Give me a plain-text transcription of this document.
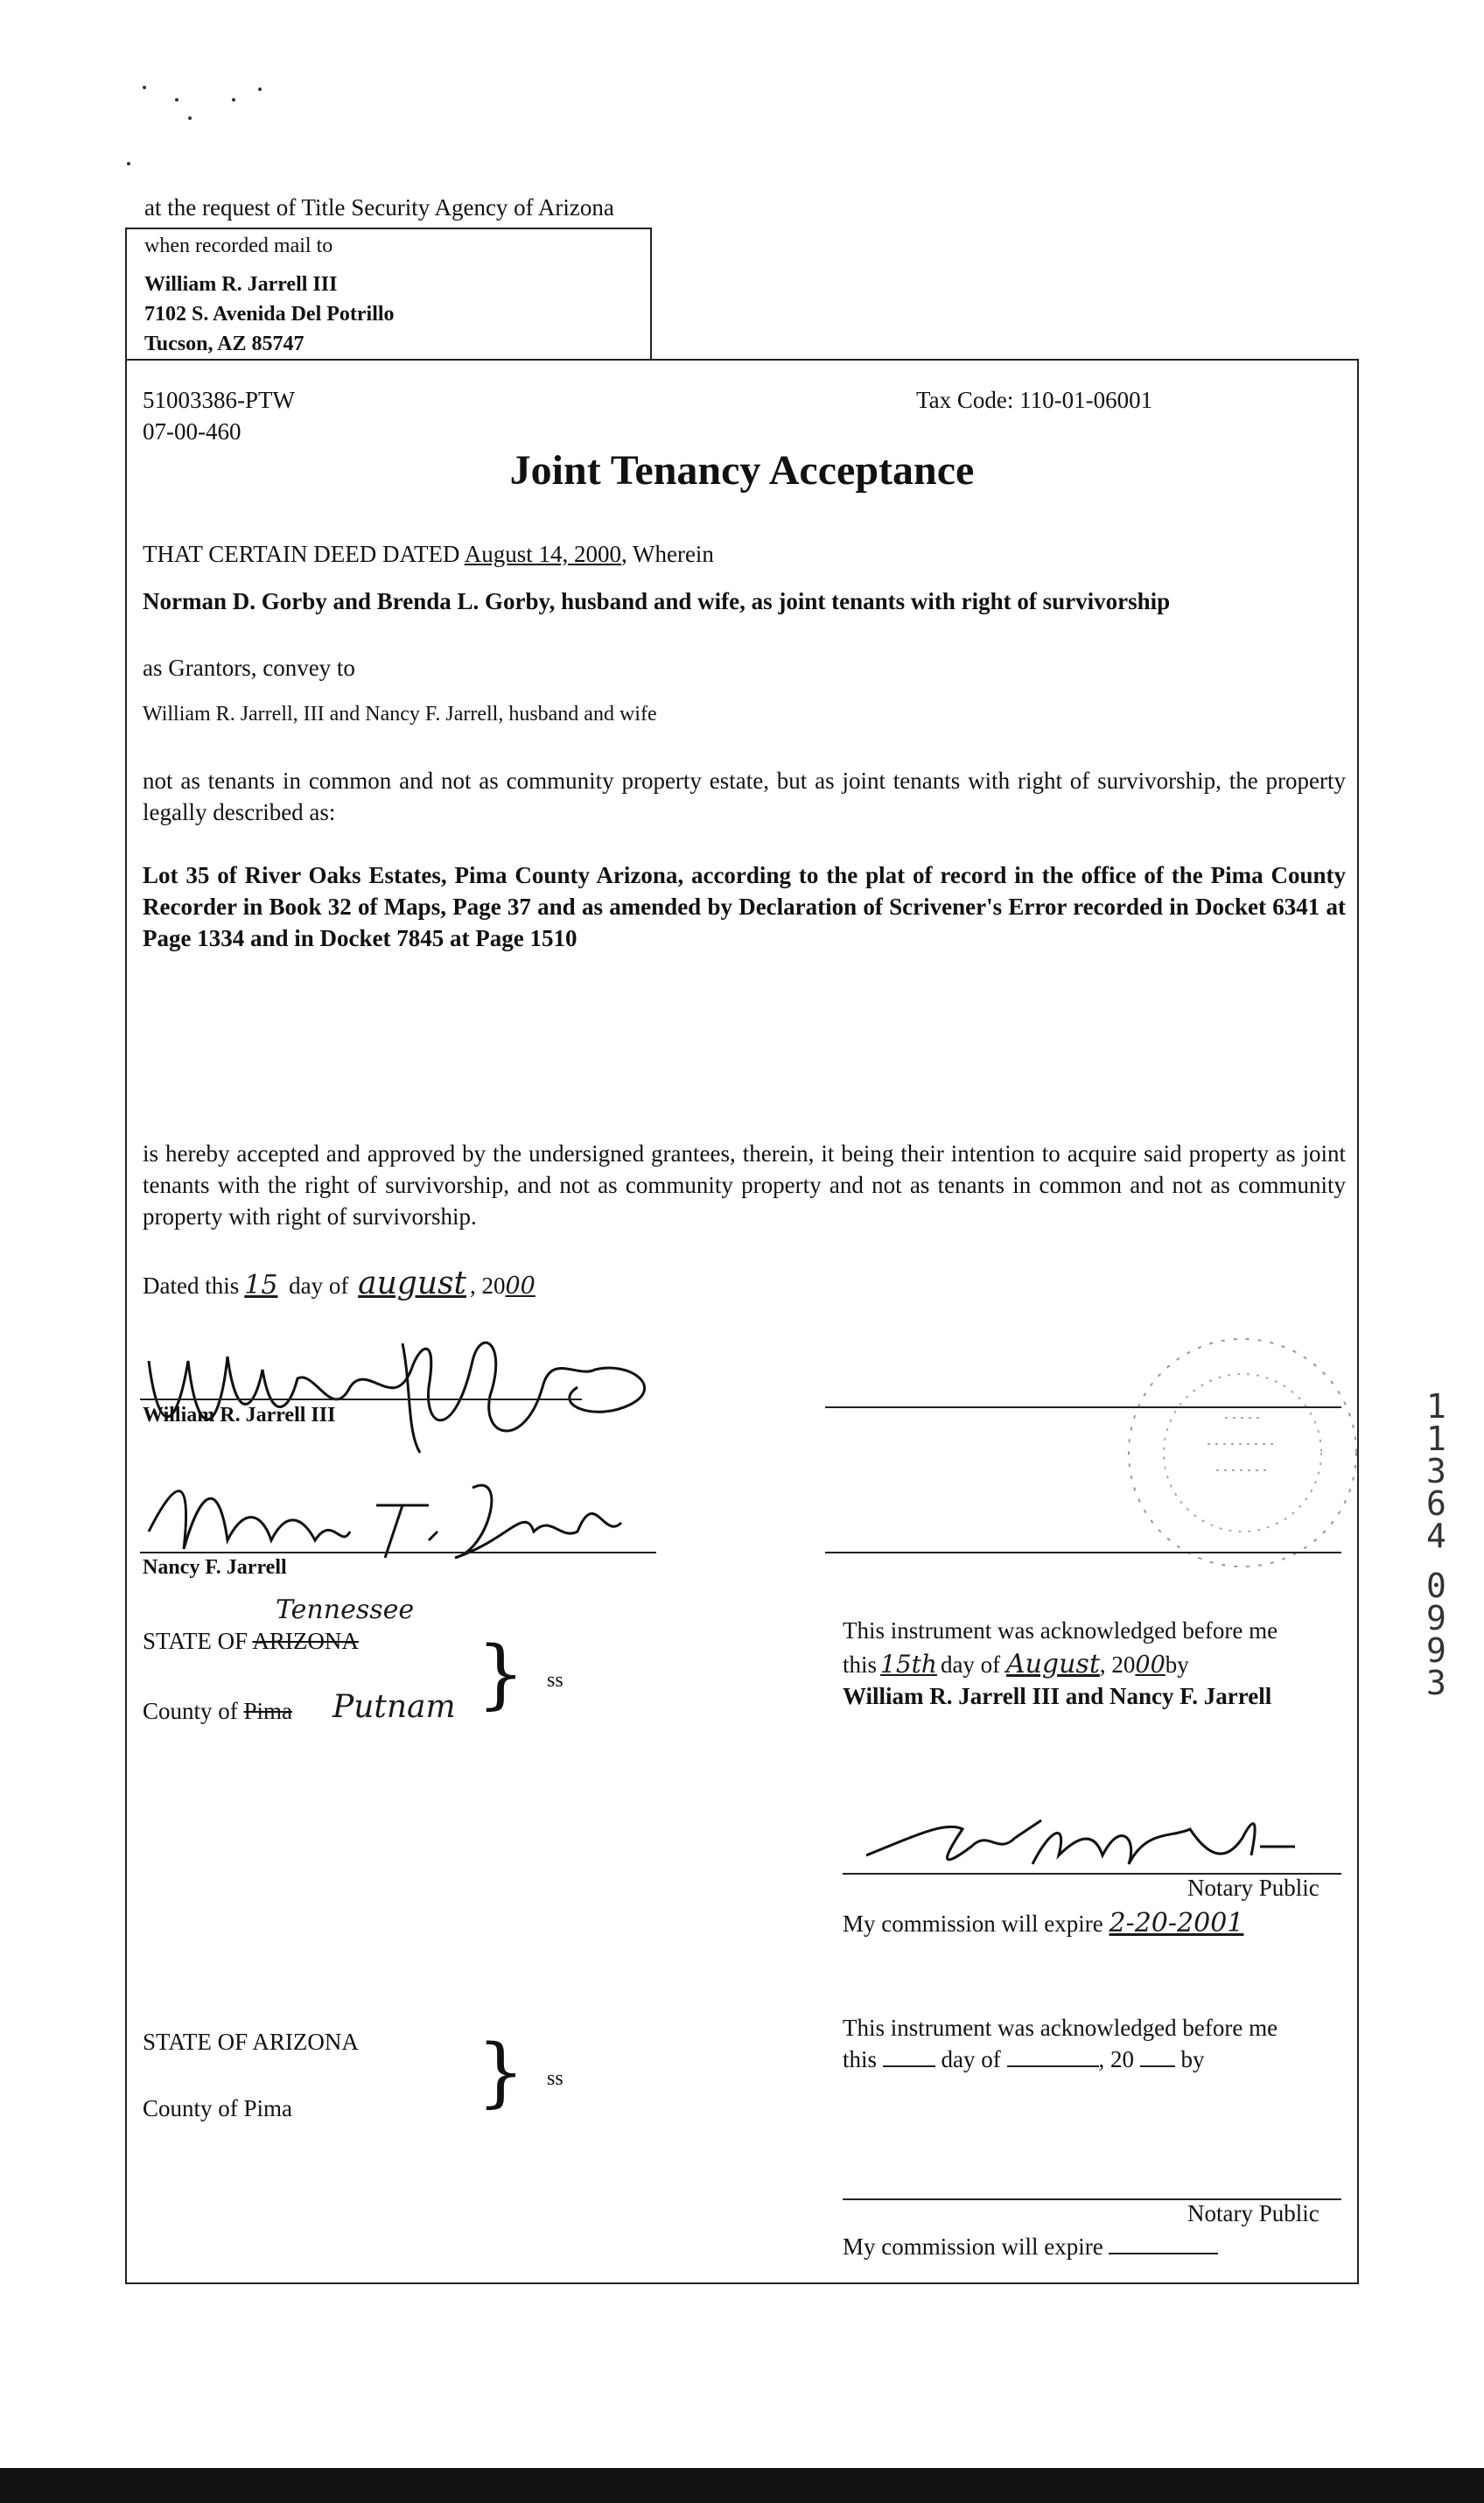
at the request of Title Security Agency of Arizona
when recorded mail to
William R. Jarrell III
7102 S. Avenida Del Potrillo
Tucson, AZ 85747
51003386-PTW
07-00-460
Tax Code: 110-01-06001
Joint Tenancy Acceptance
THAT CERTAIN DEED DATED August 14, 2000, Wherein
Norman D. Gorby and Brenda L. Gorby, husband and wife, as joint tenants with right of survivorship
as Grantors, convey to
William R. Jarrell, III and Nancy F. Jarrell, husband and wife
not as tenants in common and not as community property estate, but as joint tenants with right of survivorship, the property legally described as:
Lot 35 of River Oaks Estates, Pima County Arizona, according to the plat of record in the office of the Pima County Recorder in Book 32 of Maps, Page 37 and as amended by Declaration of Scrivener's Error recorded in Docket 6341 at Page 1334 and in Docket 7845 at Page 1510
is hereby accepted and approved by the undersigned grantees, therein, it being their intention to acquire said property as joint tenants with the right of survivorship, and not as community property and not as tenants in common and not as community property with right of survivorship.
Dated this 15 day of august , 2000
William R. Jarrell III
Nancy F. Jarrell
STATE OF ARIZONA
Tennessee
County of Pima Putnam } ss
This instrument was acknowledged before me
this 15th day of August, 2000by
William R. Jarrell III and Nancy F. Jarrell
Notary Public
My commission will expire 2-20-2001
STATE OF ARIZONA
County of Pima } ss
This instrument was acknowledged before me
this	day of	, 20 by
Notary Public
My commission will expire
1
1
3
6
4
0
9
9
3
